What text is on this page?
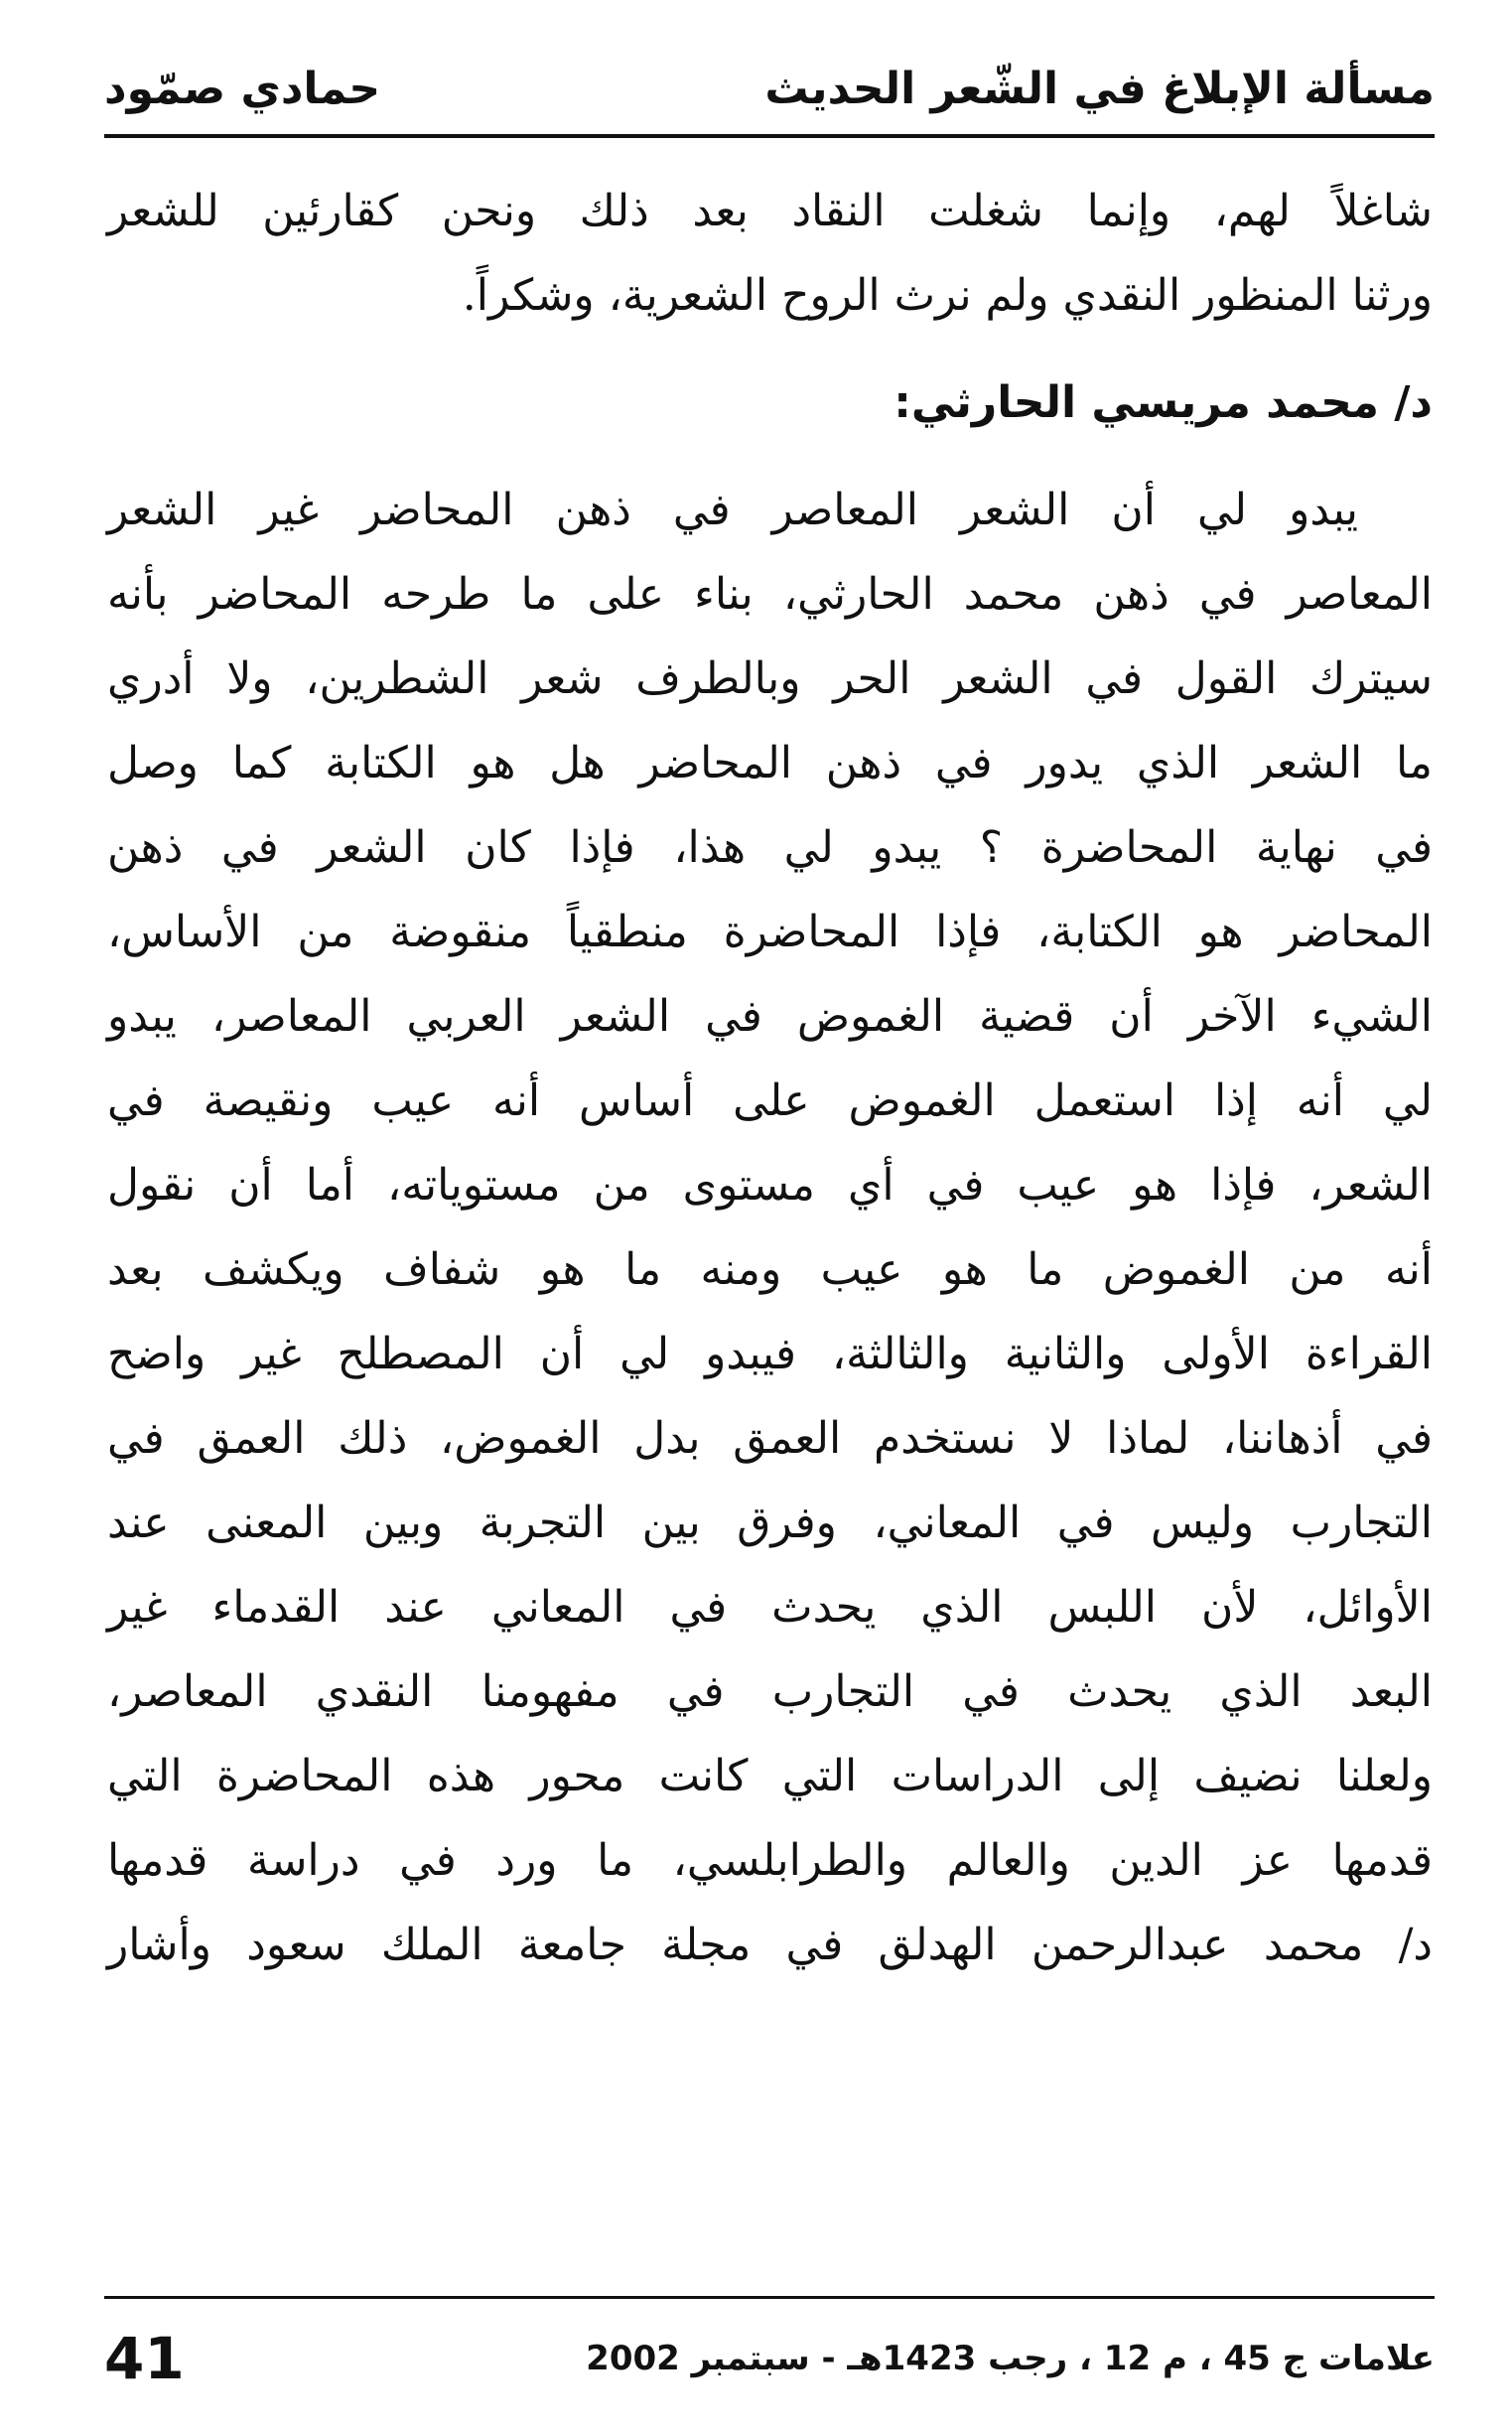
مسألة الإبلاغ في الشّعر الحديث
حمادي صمّود
شاغلاً لهم، وإنما شغلت النقاد بعد ذلك ونحن كقارئين للشعر
ورثنا المنظور النقدي ولم نرث الروح الشعرية، وشكراً.
د/ محمد مريسي الحارثي:
يبدو لي أن الشعر المعاصر في ذهن المحاضر غير الشعر
المعاصر في ذهن محمد الحارثي، بناء على ما طرحه المحاضر بأنه
سيترك القول في الشعر الحر وبالطرف شعر الشطرين، ولا أدري
ما الشعر الذي يدور في ذهن المحاضر هل هو الكتابة كما وصل
في نهاية المحاضرة ؟ يبدو لي هذا، فإذا كان الشعر في ذهن
المحاضر هو الكتابة، فإذا المحاضرة منطقياً منقوضة من الأساس،
الشيء الآخر أن قضية الغموض في الشعر العربي المعاصر، يبدو
لي أنه إذا استعمل الغموض على أساس أنه عيب ونقيصة في
الشعر، فإذا هو عيب في أي مستوى من مستوياته، أما أن نقول
أنه من الغموض ما هو عيب ومنه ما هو شفاف ويكشف بعد
القراءة الأولى والثانية والثالثة، فيبدو لي أن المصطلح غير واضح
في أذهاننا، لماذا لا نستخدم العمق بدل الغموض، ذلك العمق في
التجارب وليس في المعاني، وفرق بين التجربة وبين المعنى عند
الأوائل، لأن اللبس الذي يحدث في المعاني عند القدماء غير
البعد الذي يحدث في التجارب في مفهومنا النقدي المعاصر،
ولعلنا نضيف إلى الدراسات التي كانت محور هذه المحاضرة التي
قدمها عز الدين والعالم والطرابلسي، ما ورد في دراسة قدمها
د/ محمد عبدالرحمن الهدلق في مجلة جامعة الملك سعود وأشار
41	علامات ج 45 ، م 12 ، رجب 1423هـ - سبتمبر 2002
